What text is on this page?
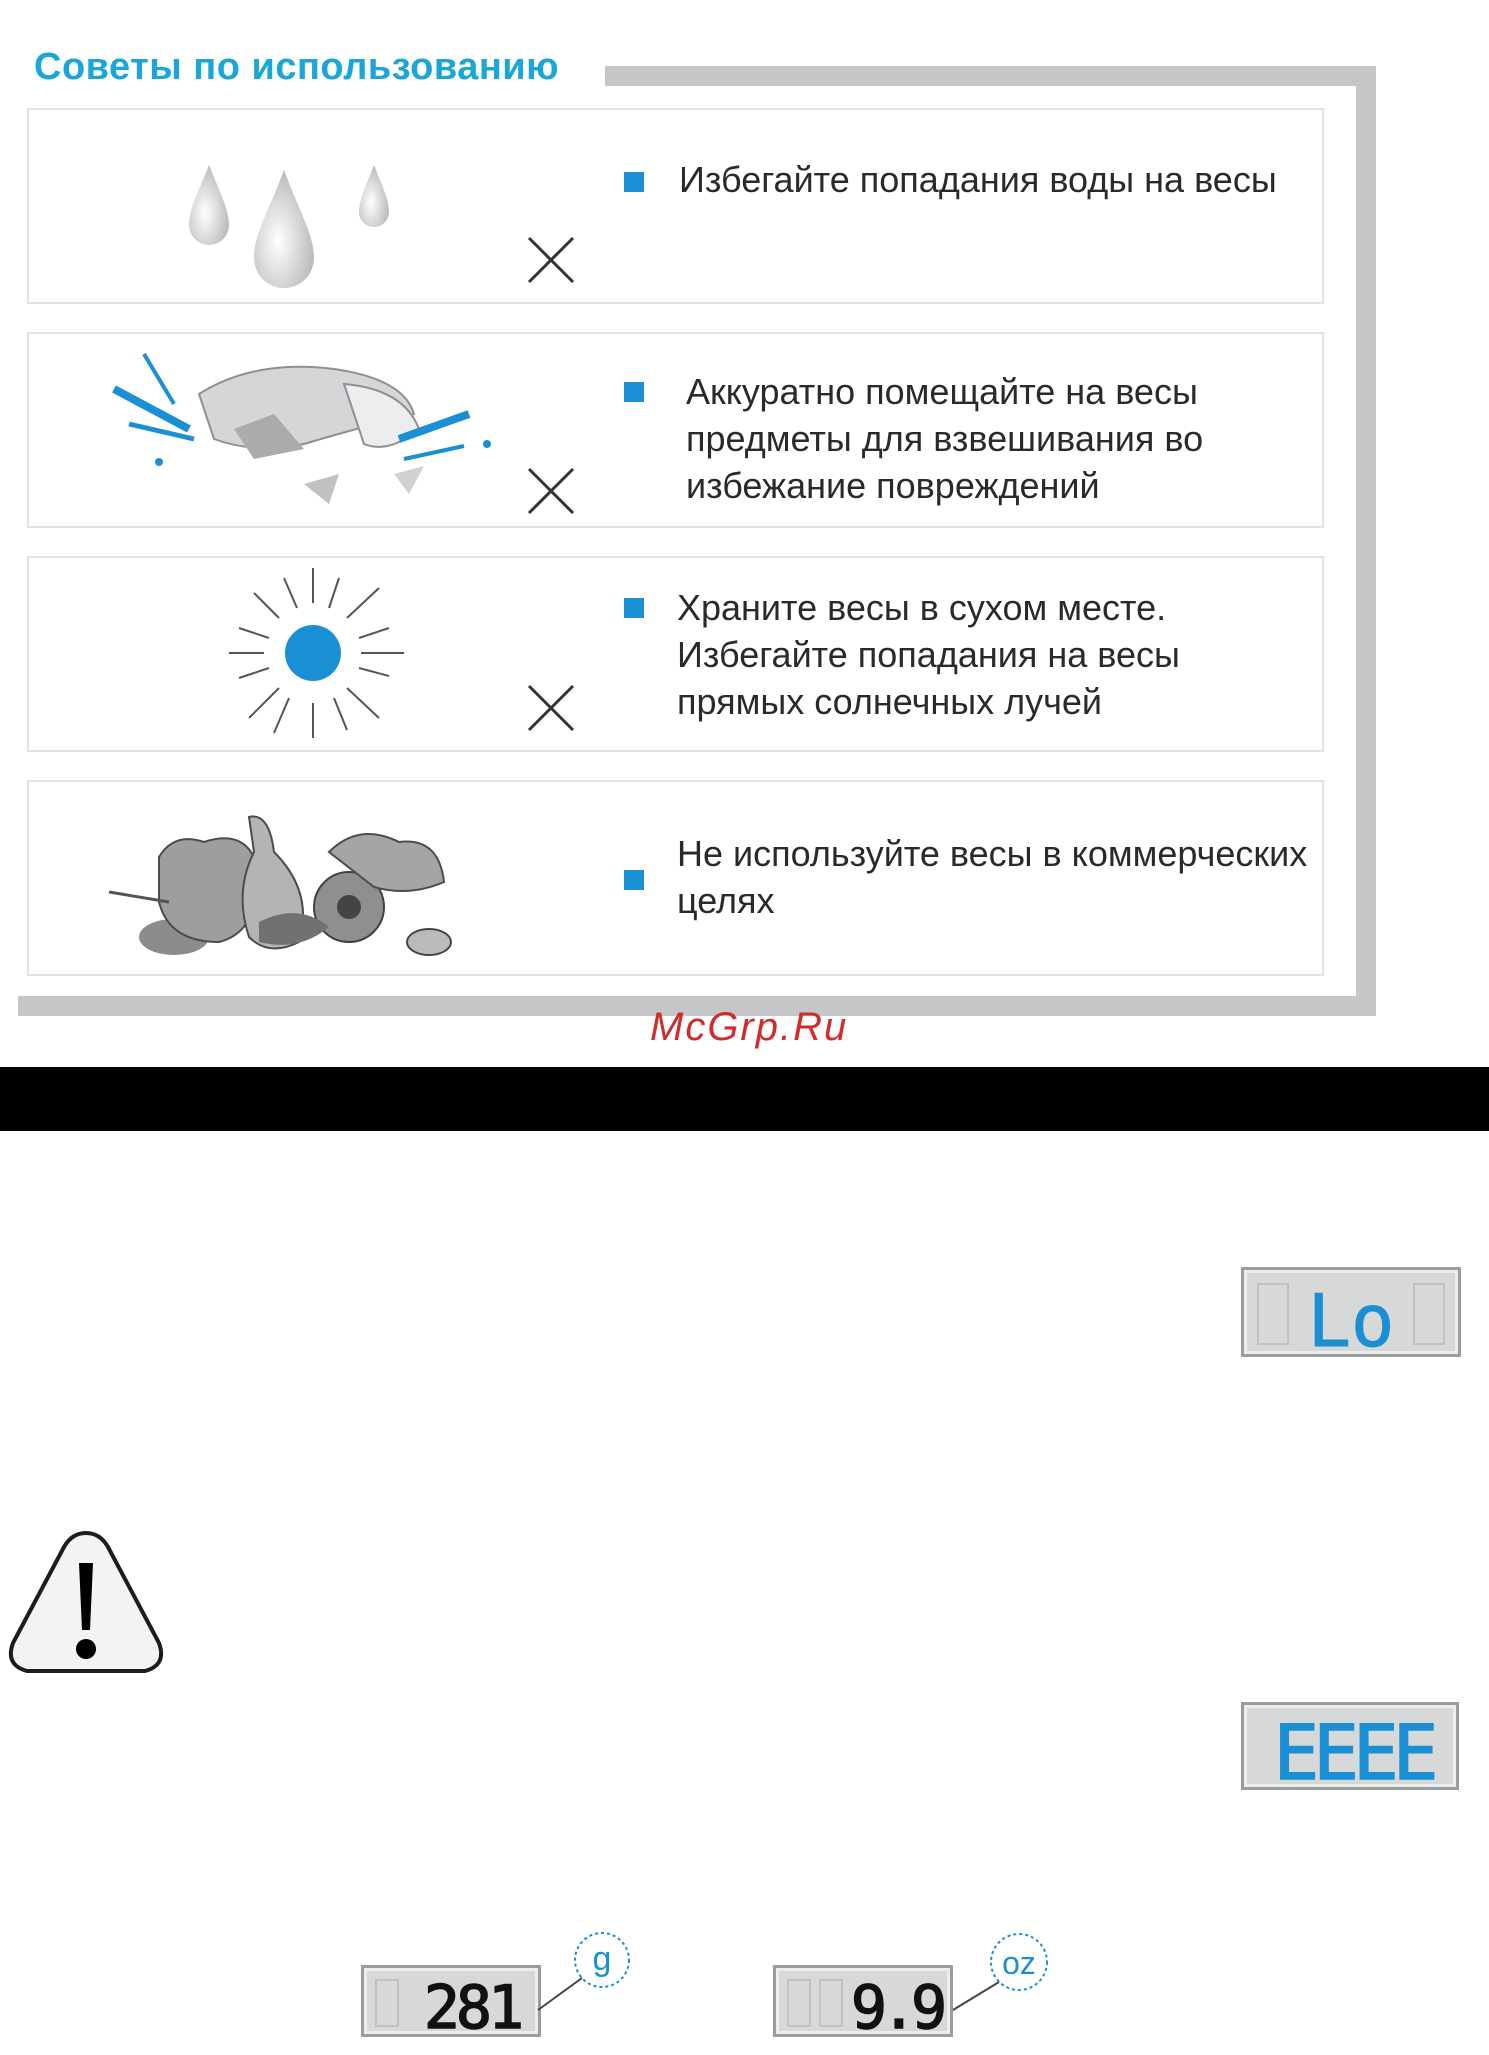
Советы по использованию
Избегайте попадания воды на весы
Аккуратно помещайте на весы предметы для взвешивания во избежание повреждений
Храните весы в сухом месте. Избегайте попадания на весы прямых солнечных лучей
Не используйте весы в коммерческих целях
McGrp.Ru
Lo
EEEE
281
g
9.9
oz
